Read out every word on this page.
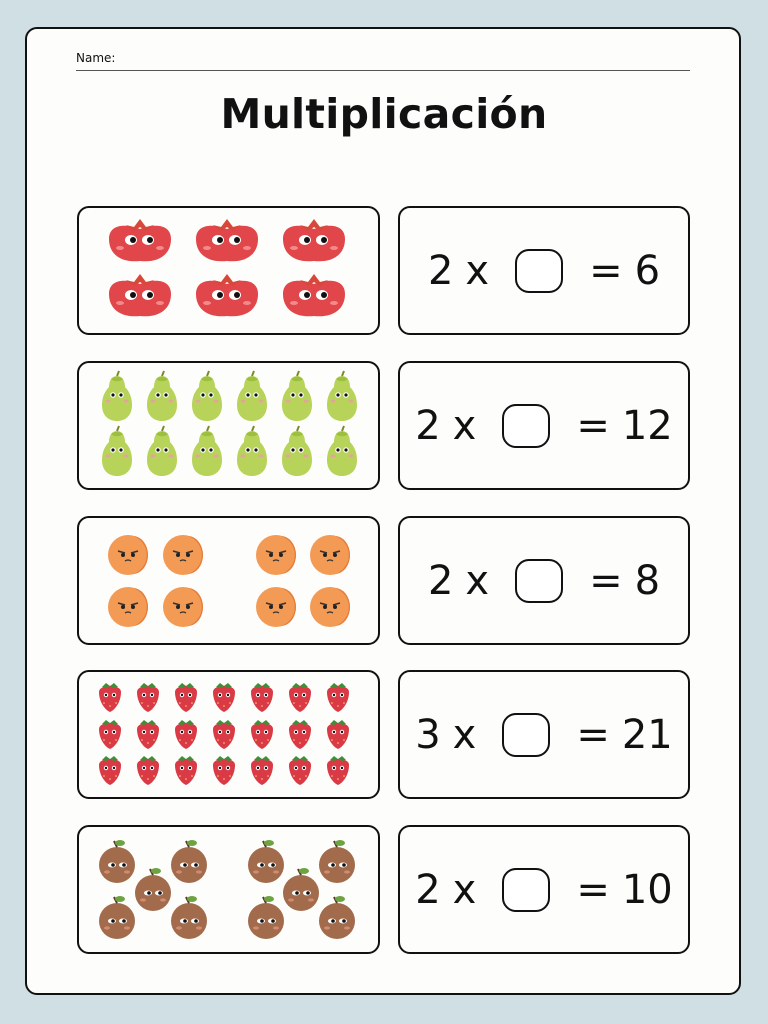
Name:
Multiplicación
2 x	= 6
2 x	= 12
2 x	= 8
3 x	= 21
2 x	= 10
